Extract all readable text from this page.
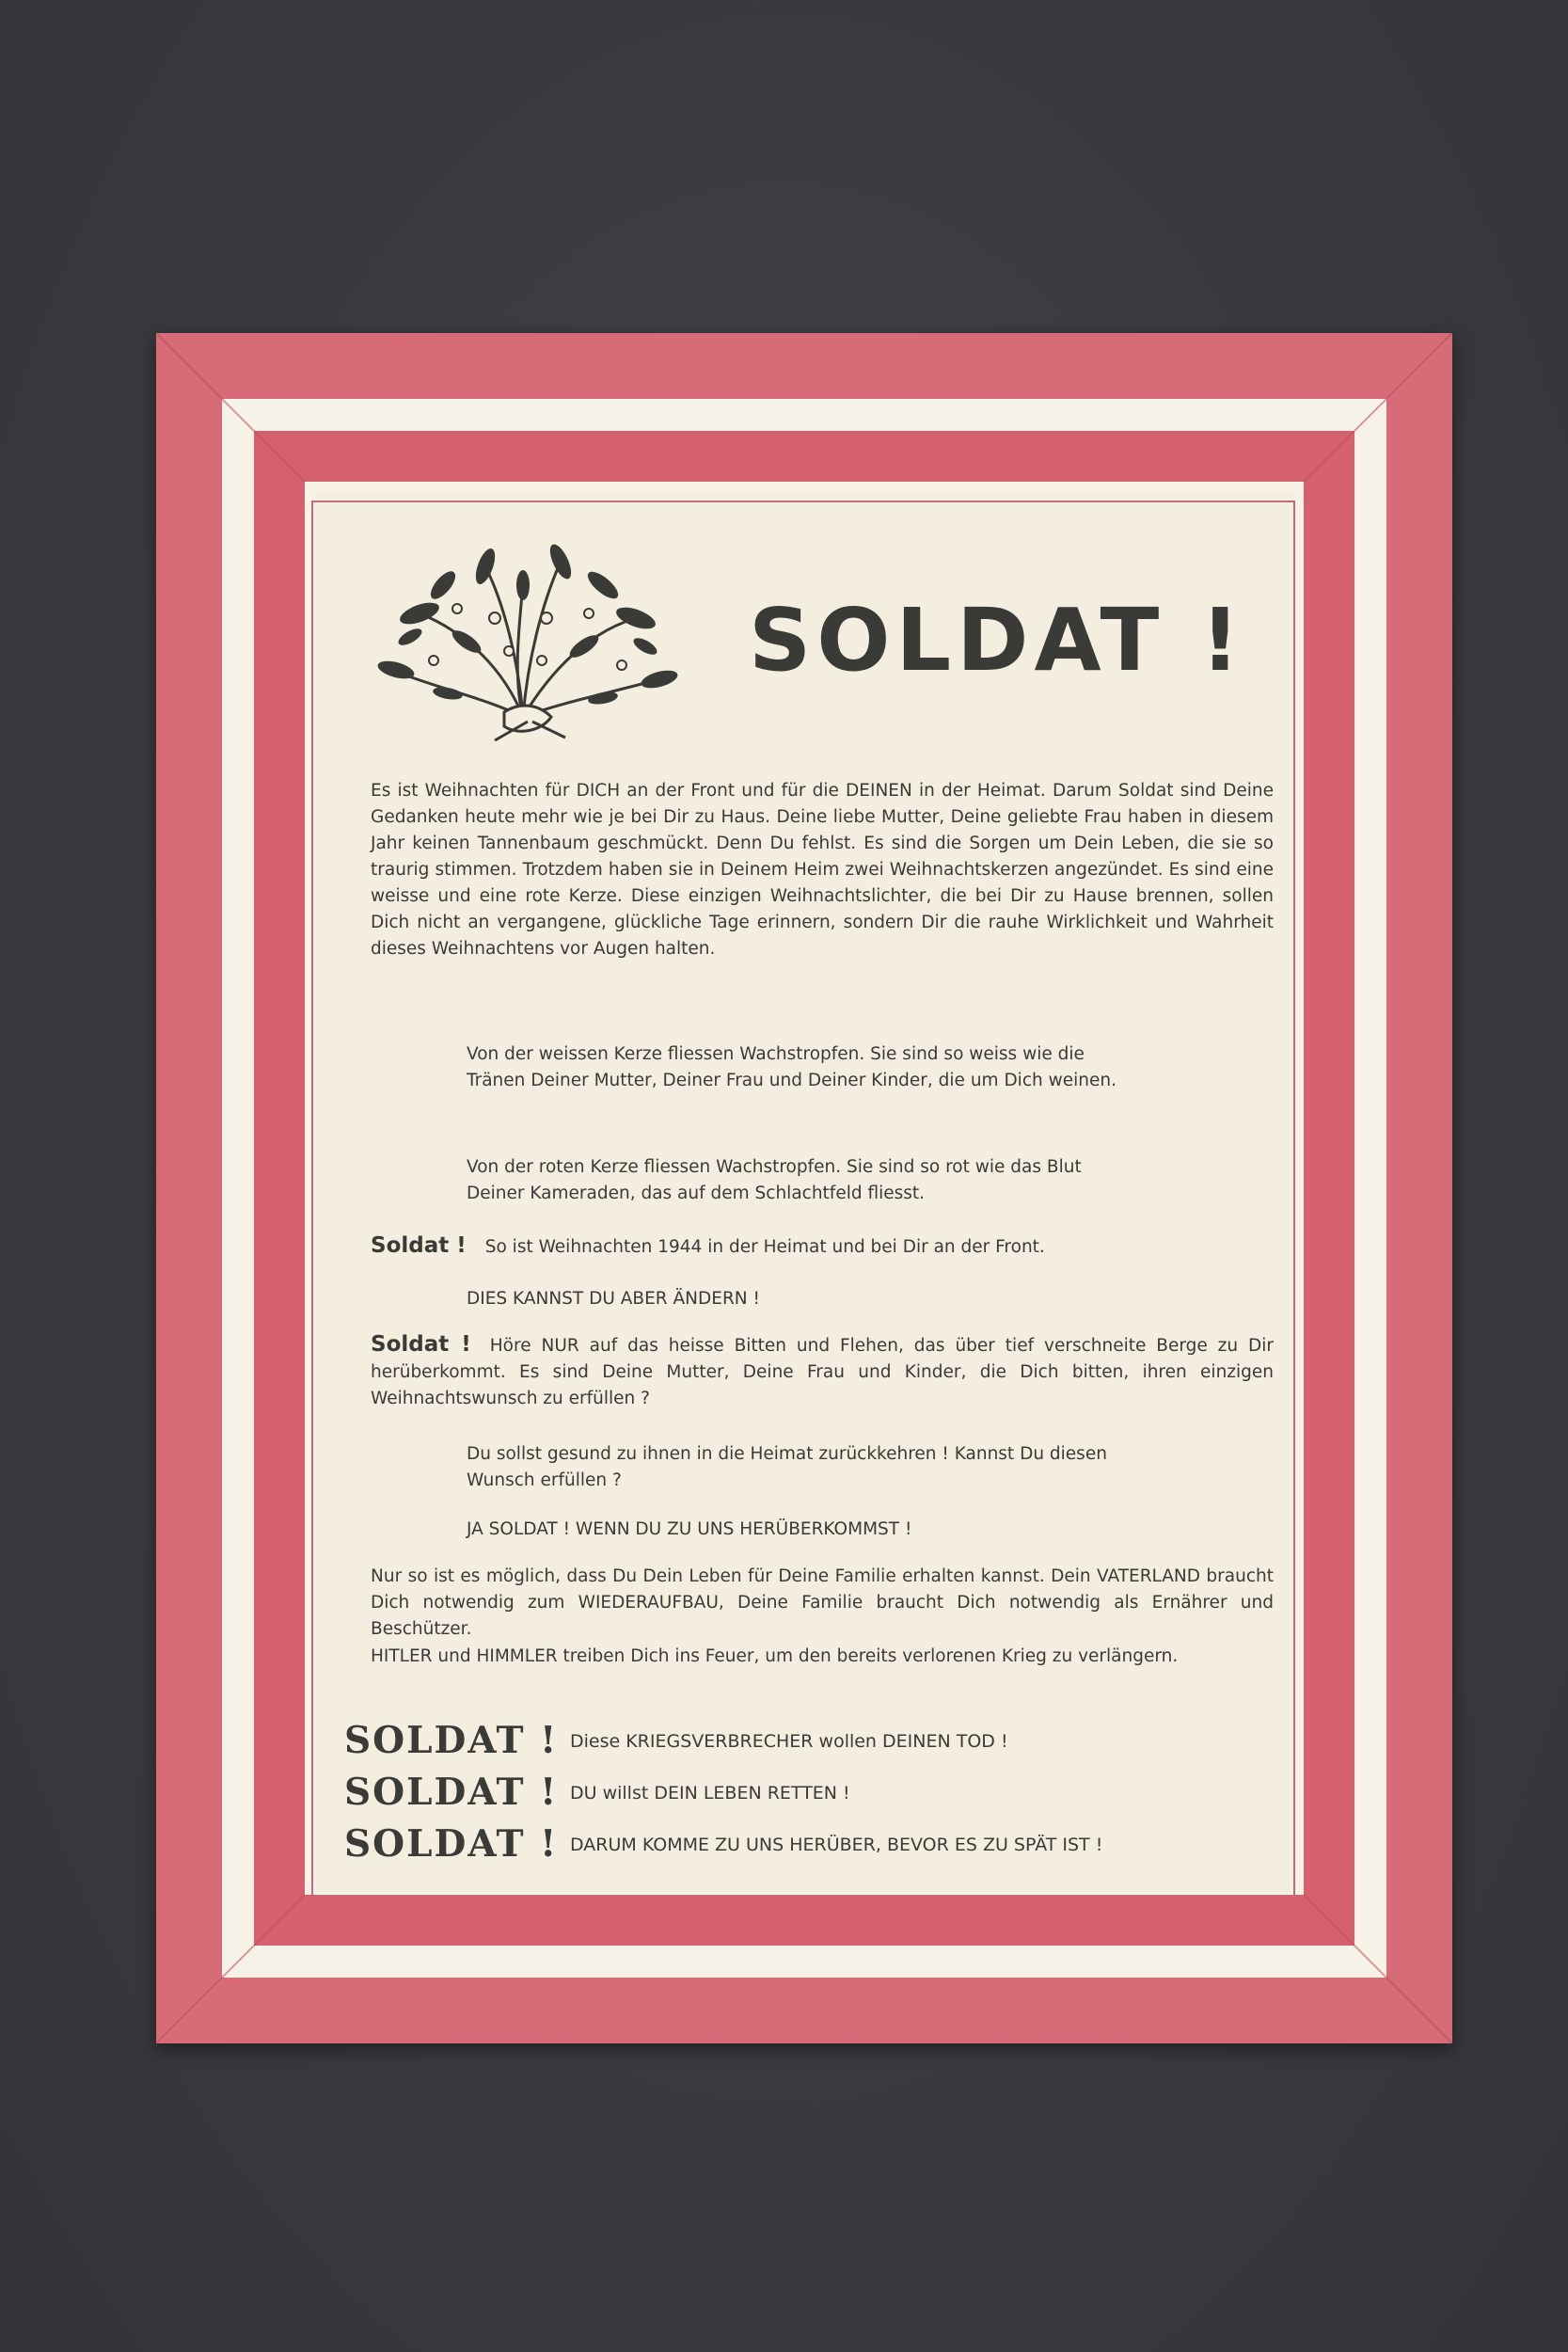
SOLDAT !

Es ist Weihnachten für DICH an der Front und für die DEINEN in der Heimat. Darum Soldat sind Deine Gedanken heute mehr wie je bei Dir zu Haus. Deine liebe Mutter, Deine geliebte Frau haben in diesem Jahr keinen Tannenbaum geschmückt. Denn Du fehlst. Es sind die Sorgen um Dein Leben, die sie so traurig stimmen. Trotzdem haben sie in Deinem Heim zwei Weihnachtskerzen angezündet. Es sind eine weisse und eine rote Kerze. Diese einzigen Weihnachtslichter, die bei Dir zu Hause brennen, sollen Dich nicht an vergangene, glückliche Tage erinnern, sondern Dir die rauhe Wirklichkeit und Wahrheit dieses Weihnachtens vor Augen halten.

Von der weissen Kerze fliessen Wachstropfen. Sie sind so weiss wie die Tränen Deiner Mutter, Deiner Frau und Deiner Kinder, die um Dich weinen.

Von der roten Kerze fliessen Wachstropfen. Sie sind so rot wie das Blut Deiner Kameraden, das auf dem Schlachtfeld fliesst.

Soldat ! So ist Weihnachten 1944 in der Heimat und bei Dir an der Front.

DIES KANNST DU ABER ÄNDERN !

Soldat ! Höre NUR auf das heisse Bitten und Flehen, das über tief verschneite Berge zu Dir herüberkommt. Es sind Deine Mutter, Deine Frau und Kinder, die Dich bitten, ihren einzigen Weihnachtswunsch zu erfüllen ?

Du sollst gesund zu ihnen in die Heimat zurückkehren ! Kannst Du diesen Wunsch erfüllen ?

JA SOLDAT ! WENN DU ZU UNS HERÜBERKOMMST !

Nur so ist es möglich, dass Du Dein Leben für Deine Familie erhalten kannst. Dein VATERLAND braucht Dich notwendig zum WIEDERAUFBAU, Deine Familie braucht Dich notwendig als Ernährer und Beschützer.

HITLER und HIMMLER treiben Dich ins Feuer, um den bereits verlorenen Krieg zu verlängern.

SOLDAT ! Diese KRIEGSVERBRECHER wollen DEINEN TOD !
SOLDAT ! DU willst DEIN LEBEN RETTEN !
SOLDAT ! DARUM KOMME ZU UNS HERÜBER, BEVOR ES ZU SPÄT IST !
